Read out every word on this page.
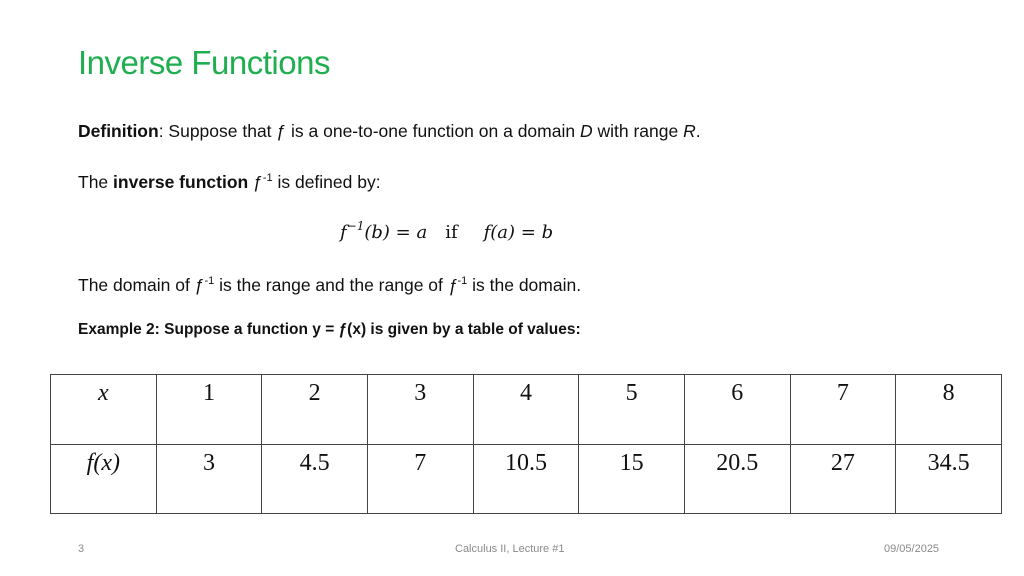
Inverse Functions
Definition: Suppose that ƒ is a one-to-one function on a domain D with range R.
The inverse function $ƒ^{-1}$ is defined by:
$f^{-1}(b) = a$ if f(a) = b
The domain of $ƒ^{-1}$ is the range and the range of $ƒ^{-1}$ is the domain.
Example 2: Suppose a function y = ƒ(x) is given by a table of values:
x	1	2	3	4	5	6	7	8
f(x)	3	4.5	7	10.5	15	20.5	27	34.5
3	Calculus II, Lecture #1	09/05/2025
